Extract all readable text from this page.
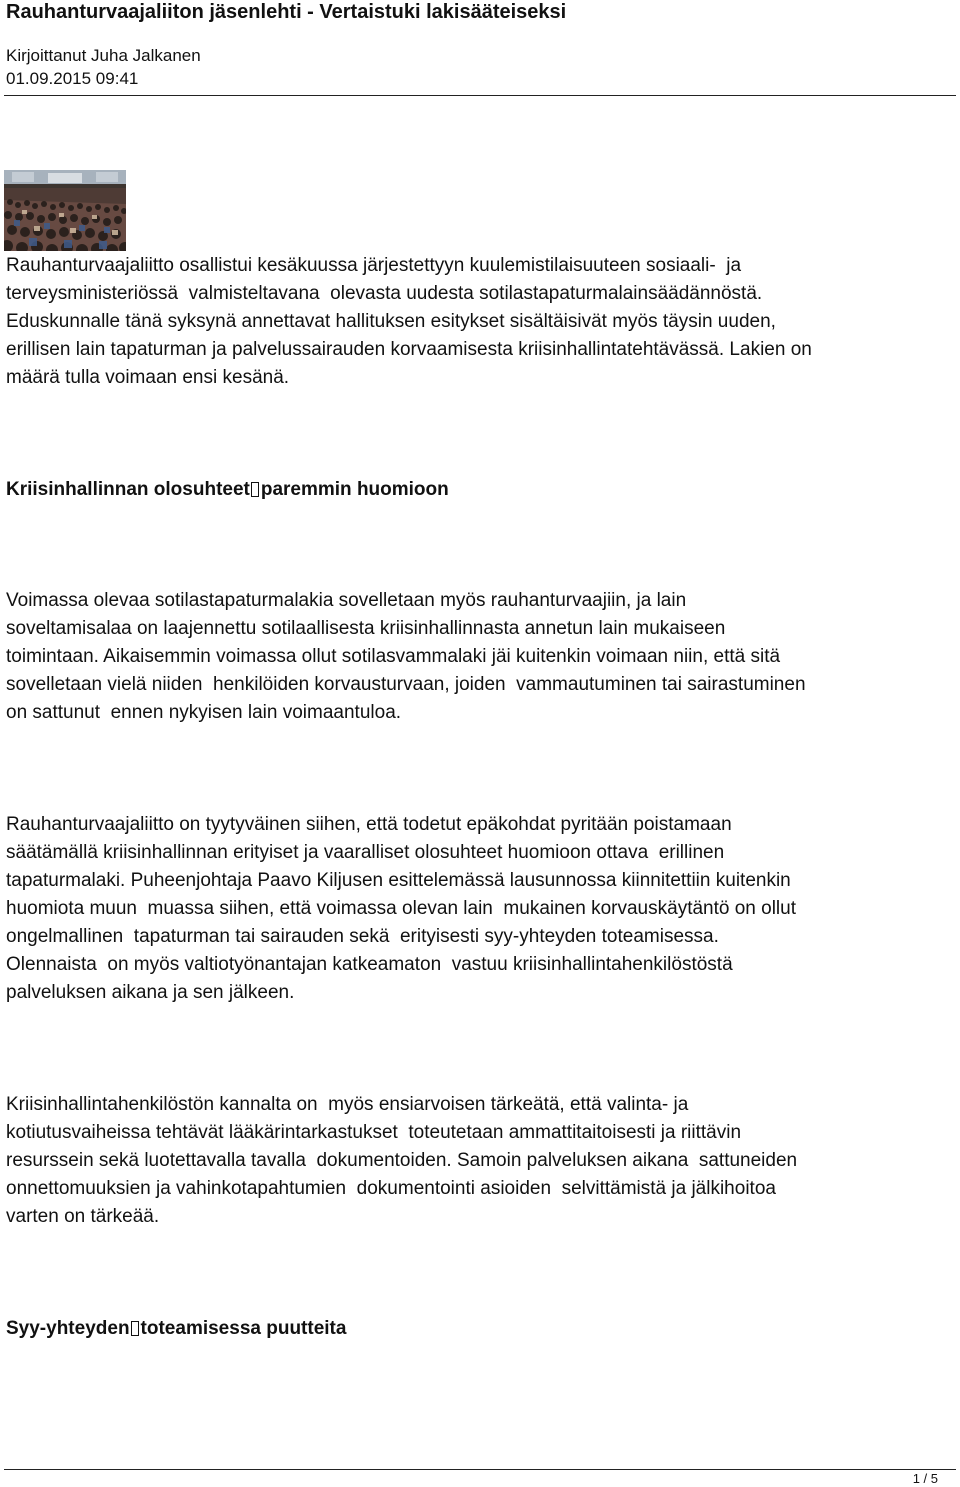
Rauhanturvaajaliiton jäsenlehti - Vertaistuki lakisääteiseksi
Kirjoittanut Juha Jalkanen
01.09.2015 09:41

Rauhanturvaajaliitto osallistui kesäkuussa järjestettyyn kuulemistilaisuuteen sosiaali-  ja
terveysministeriössä  valmisteltavana  olevasta uudesta sotilastapaturmalainsäädännöstä.
Eduskunnalle tänä syksynä annettavat hallituksen esitykset sisältäisivät myös täysin uuden,
erillisen lain tapaturman ja palvelussairauden korvaamisesta kriisinhallintatehtävässä. Lakien on
määrä tulla voimaan ensi kesänä.

Kriisinhallinnan olosuhteet paremmin huomioon

Voimassa olevaa sotilastapaturmalakia sovelletaan myös rauhanturvaajiin, ja lain
soveltamisalaa on laajennettu sotilaallisesta kriisinhallinnasta annetun lain mukaiseen
toimintaan. Aikaisemmin voimassa ollut sotilasvammalaki jäi kuitenkin voimaan niin, että sitä
sovelletaan vielä niiden  henkilöiden korvausturvaan, joiden  vammautuminen tai sairastuminen
on sattunut  ennen nykyisen lain voimaantuloa.

Rauhanturvaajaliitto on tyytyväinen siihen, että todetut epäkohdat pyritään poistamaan
säätämällä kriisinhallinnan erityiset ja vaaralliset olosuhteet huomioon ottava  erillinen
tapaturmalaki. Puheenjohtaja Paavo Kiljusen esittelemässä lausunnossa kiinnitettiin kuitenkin
huomiota muun  muassa siihen, että voimassa olevan lain  mukainen korvauskäytäntö on ollut
ongelmallinen  tapaturman tai sairauden sekä  erityisesti syy-yhteyden toteamisessa.
Olennaista  on myös valtiotyönantajan katkeamaton  vastuu kriisinhallintahenkilöstöstä
palveluksen aikana ja sen jälkeen.

Kriisinhallintahenkilöstön kannalta on  myös ensiarvoisen tärkeätä, että valinta- ja
kotiutusvaiheissa tehtävät lääkärintarkastukset  toteutetaan ammattitaitoisesti ja riittävin
resurssein sekä luotettavalla tavalla  dokumentoiden. Samoin palveluksen aikana  sattuneiden
onnettomuuksien ja vahinkotapahtumien  dokumentointi asioiden  selvittämistä ja jälkihoitoa
varten on tärkeää.

Syy-yhteyden toteamisessa puutteita
1 / 5
